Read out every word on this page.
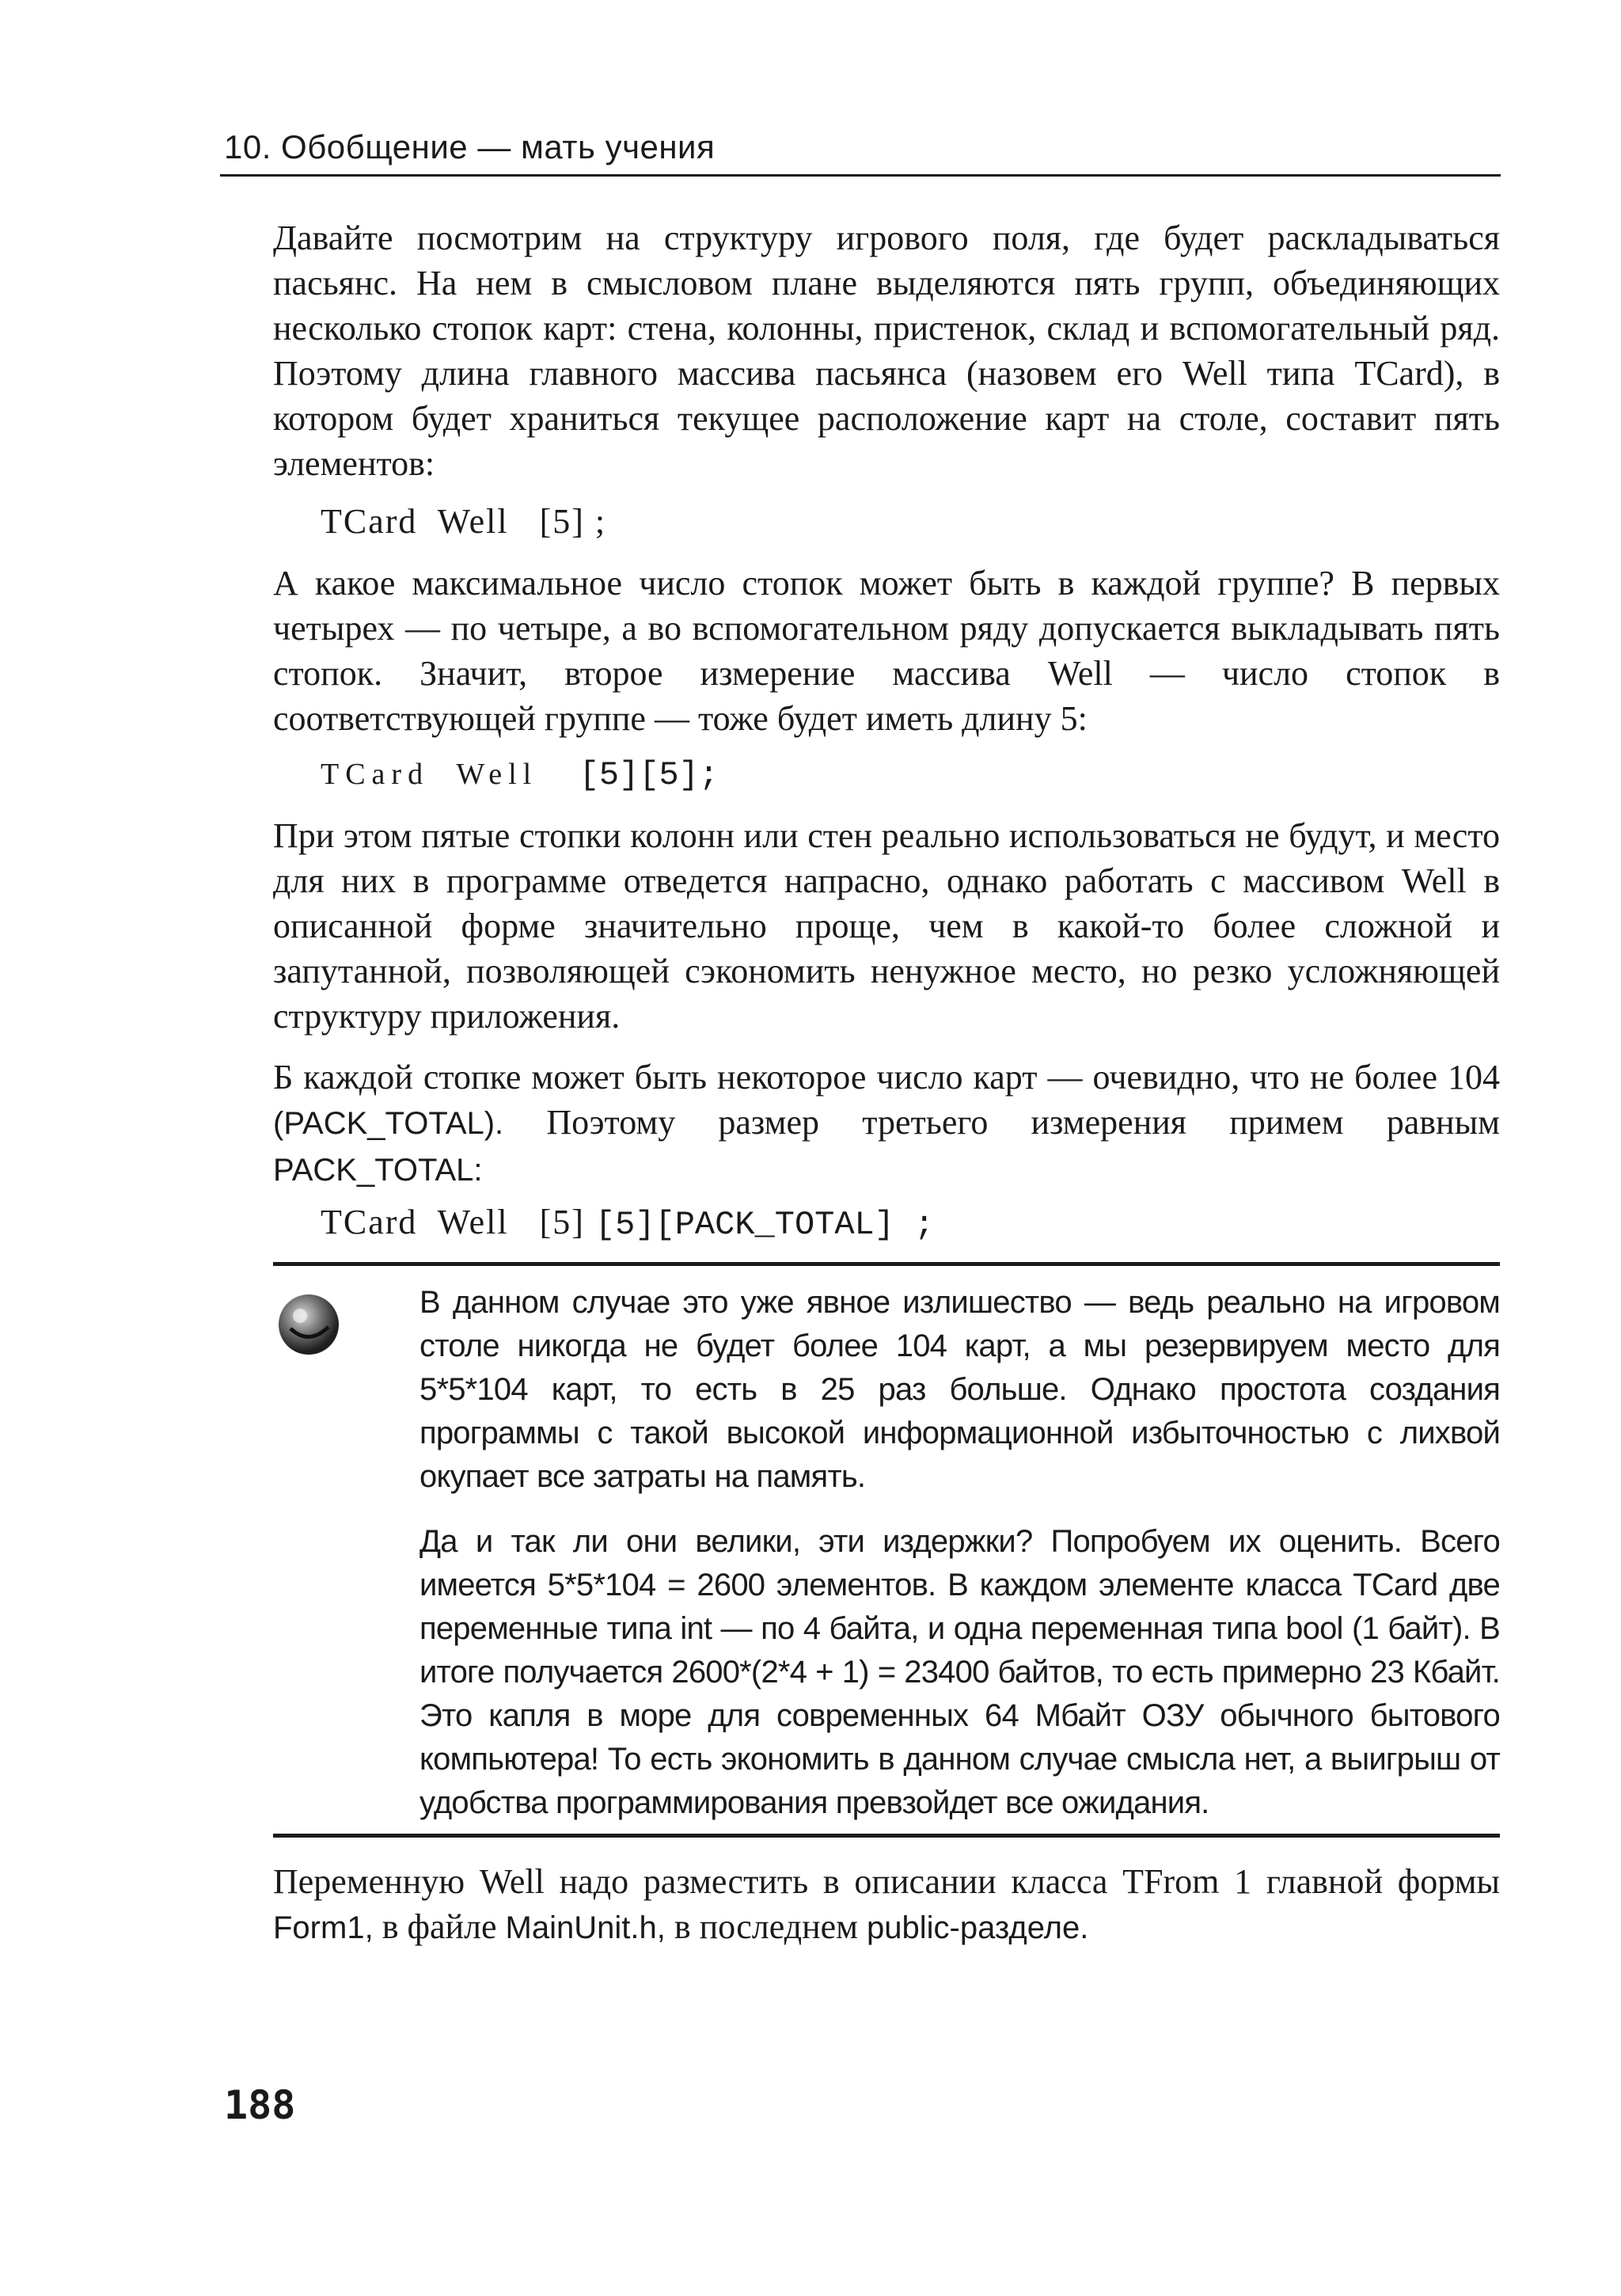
10. Обобщение — мать учения

Давайте посмотрим на структуру игрового поля, где будет раскладываться пасьянс. На нем в смысловом плане выделяются пять групп, объединяющих несколько стопок карт: стена, колонны, пристенок, склад и вспомогательный ряд. Поэтому длина главного массива пасьянса (назовем его Well типа TCard), в котором будет храниться текущее расположение карт на столе, составит пять элементов:

TCard  Well   [5] ;

А какое максимальное число стопок может быть в каждой группе? В первых четырех — по четыре, а во вспомогательном ряду допускается выкладывать пять стопок. Значит, второе измерение массива Well — число стопок в соответствующей группе — тоже будет иметь длину 5:

TCard  Well   [5][5];

При этом пятые стопки колонн или стен реально использоваться не будут, и место для них в программе отведется напрасно, однако работать с массивом Well в описанной форме значительно проще, чем в какой-то более сложной и запутанной, позволяющей сэкономить ненужное место, но резко усложняющей структуру приложения.

Б каждой стопке может быть некоторое число карт — очевидно, что не более 104 (PACK_TOTAL). Поэтому размер третьего измерения примем равным PACK_TOTAL:

TCard  Well   [5] [5][PACK_TOTAL] ;

В данном случае это уже явное излишество — ведь реально на игровом столе никогда не будет более 104 карт, а мы резервируем место для 5*5*104 карт, то есть в 25 раз больше. Однако простота создания программы с такой высокой информационной избыточностью с лихвой окупает все затраты на память.

Да и так ли они велики, эти издержки? Попробуем их оценить. Всего имеется 5*5*104 = 2600 элементов. В каждом элементе класса TCard две переменные типа int — по 4 байта, и одна переменная типа bool (1 байт). В итоге получается 2600*(2*4 + 1) = 23400 байтов, то есть примерно 23 Кбайт. Это капля в море для современных 64 Мбайт ОЗУ обычного бытового компьютера! То есть экономить в данном случае смысла нет, а выигрыш от удобства программирования превзойдет все ожидания.

Переменную Well надо разместить в описании класса TFrom 1 главной формы Form1, в файле MainUnit.h, в последнем public-разделе.

188
